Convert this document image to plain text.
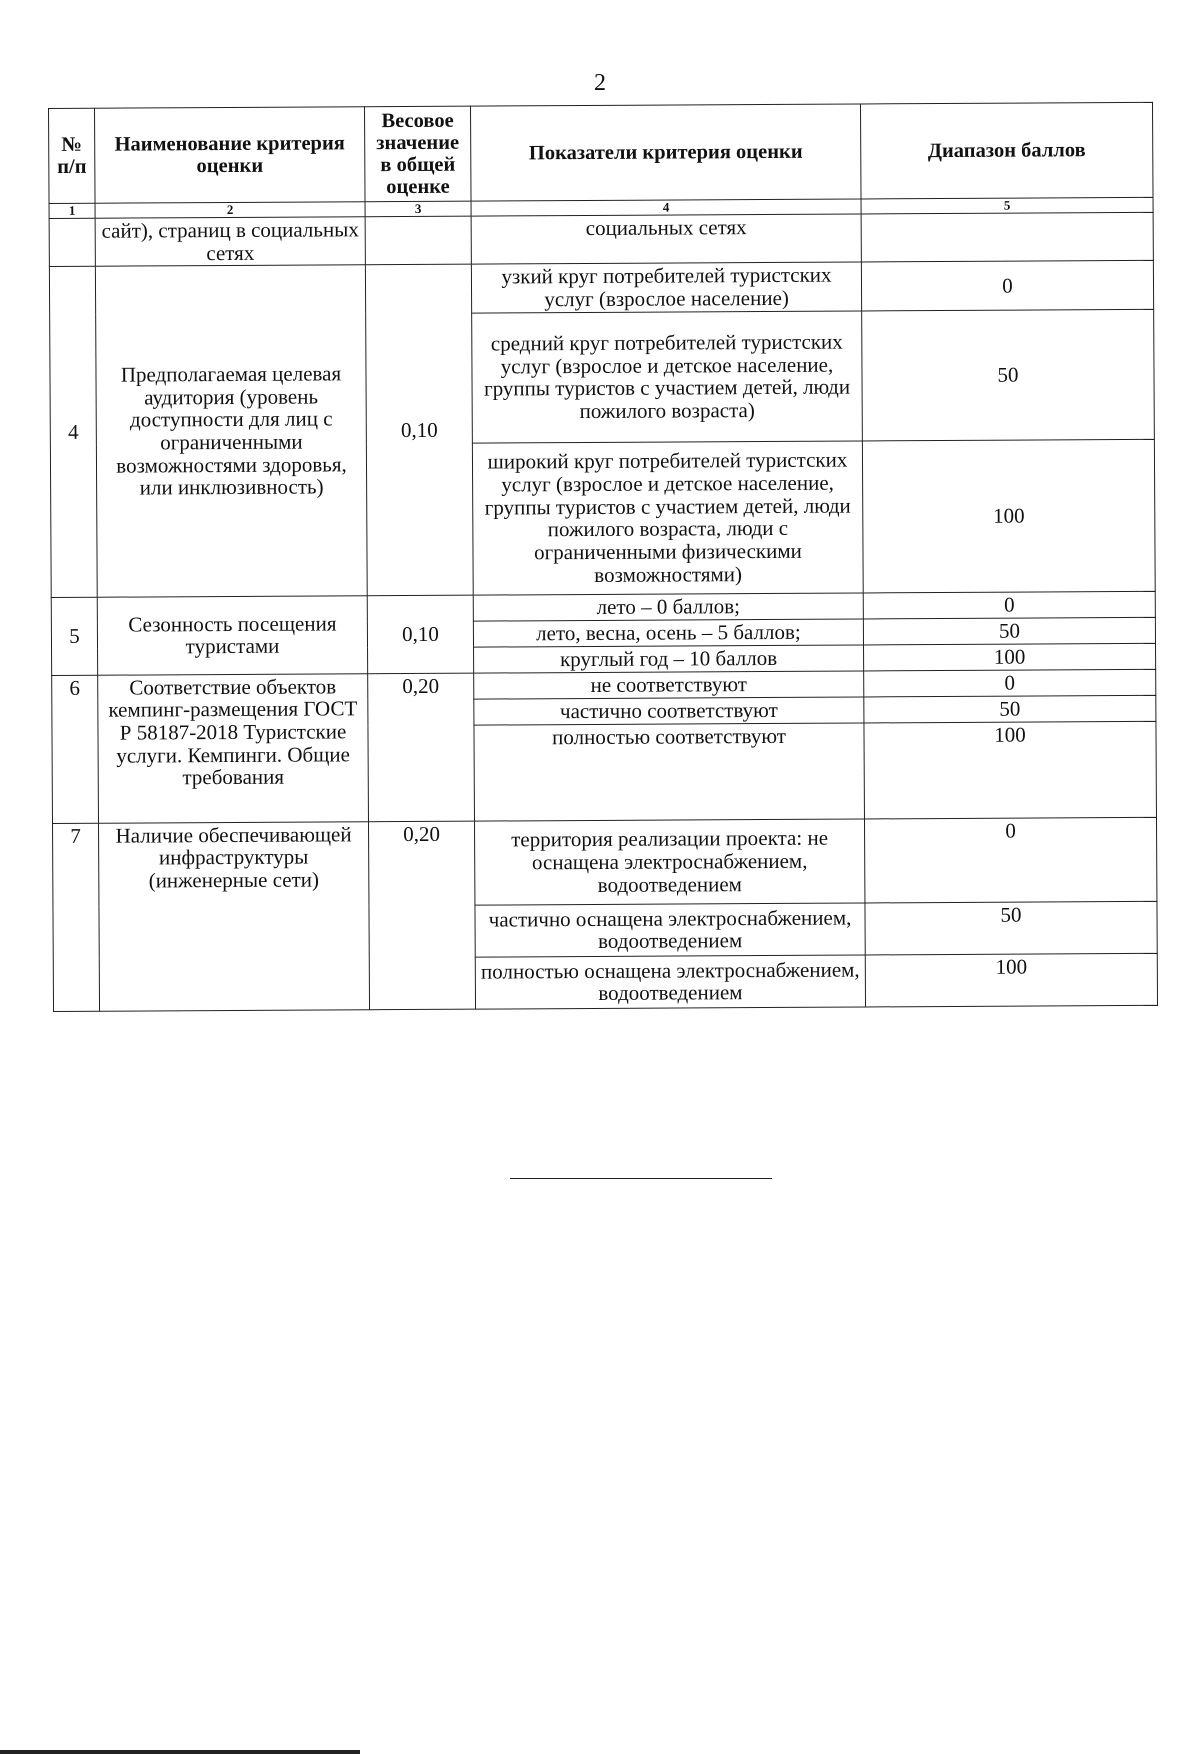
2
№ п/п	Наименование критерия оценки	Весовое значение в общей оценке	Показатели критерия оценки	Диапазон баллов
1	2	3	4	5
	сайт), страниц в социальных сетях		социальных сетях	
4	Предполагаемая целевая аудитория (уровень доступности для лиц с ограниченными возможностями здоровья, или инклюзивность)	0,10	узкий круг потребителей туристских услуг (взрослое население)	0
			средний круг потребителей туристских услуг (взрослое и детское население, группы туристов с участием детей, люди пожилого возраста)	50
			широкий круг потребителей туристских услуг (взрослое и детское население, группы туристов с участием детей, люди пожилого возраста, люди с ограниченными физическими возможностями)	100
5	Сезонность посещения туристами	0,10	лето – 0 баллов;	0
			лето, весна, осень – 5 баллов;	50
			круглый год – 10 баллов	100
6	Соответствие объектов кемпинг-размещения ГОСТ Р 58187-2018 Туристские услуги. Кемпинги. Общие требования	0,20	не соответствуют	0
			частично соответствуют	50
			полностью соответствуют	100
7	Наличие обеспечивающей инфраструктуры (инженерные сети)	0,20	территория реализации проекта: не оснащена электроснабжением, водоотведением	0
			частично оснащена электроснабжением, водоотведением	50
			полностью оснащена электроснабжением, водоотведением	100
